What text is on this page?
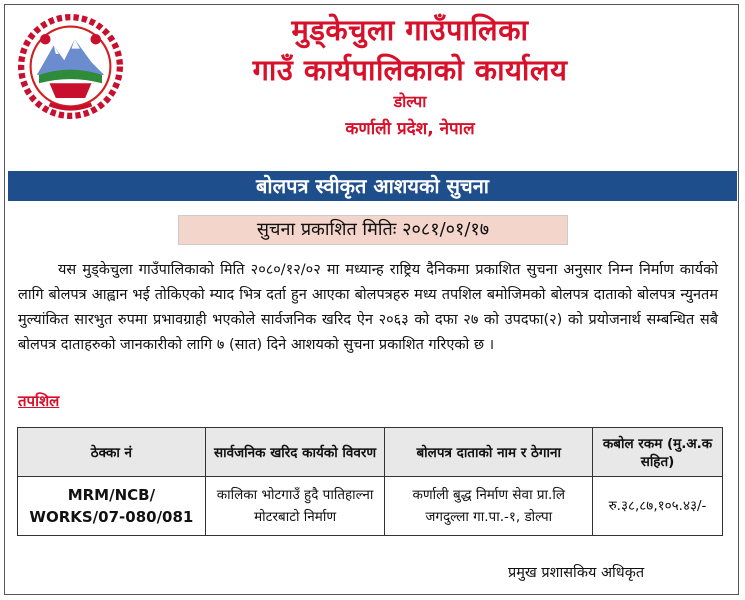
मुड्केचुला गाउँपालिका
गाउँ कार्यपालिकाको कार्यालय
डोल्पा
कर्णाली प्रदेश, नेपाल
बोलपत्र स्वीकृत आशयको सुचना
सुचना प्रकाशित मितिः २०८१/०१/१७
यस मुड्केचुला गाउँपालिकाको मिति २०८०/१२/०२ मा मध्यान्ह राष्ट्रिय दैनिकमा प्रकाशित सुचना अनुसार निम्न निर्माण कार्यको लागि बोलपत्र आह्वान भई तोकिएको म्याद भित्र दर्ता हुन आएका बोलपत्रहरु मध्य तपशिल बमोजिमको बोलपत्र दाताको बोलपत्र न्युनतम मुल्यांकित सारभुत रुपमा प्रभावग्राही भएकोले सार्वजनिक खरिद ऐन २०६३ को दफा २७ को उपदफा(२) को प्रयोजनार्थ सम्बन्धित सबै बोलपत्र दाताहरुको जानकारीको लागि ७ (सात) दिने आशयको सुचना प्रकाशित गरिएको छ ।
तपशिल
ठेक्का नं	सार्वजनिक खरिद कार्यको विवरण	बोलपत्र दाताको नाम र ठेगाना	कबोल रकम (मु.अ.क सहित)
MRM/NCB/ WORKS/07-080/081	कालिका भोटगाउँ हुदै पातिहाल्ना मोटरबाटो निर्माण	कर्णाली बुद्ध निर्माण सेवा प्रा.लि जगदुल्ला गा.पा.-१, डोल्पा	रु.३८,८७,१०५.४३/-
प्रमुख प्रशासकिय अधिकृत
